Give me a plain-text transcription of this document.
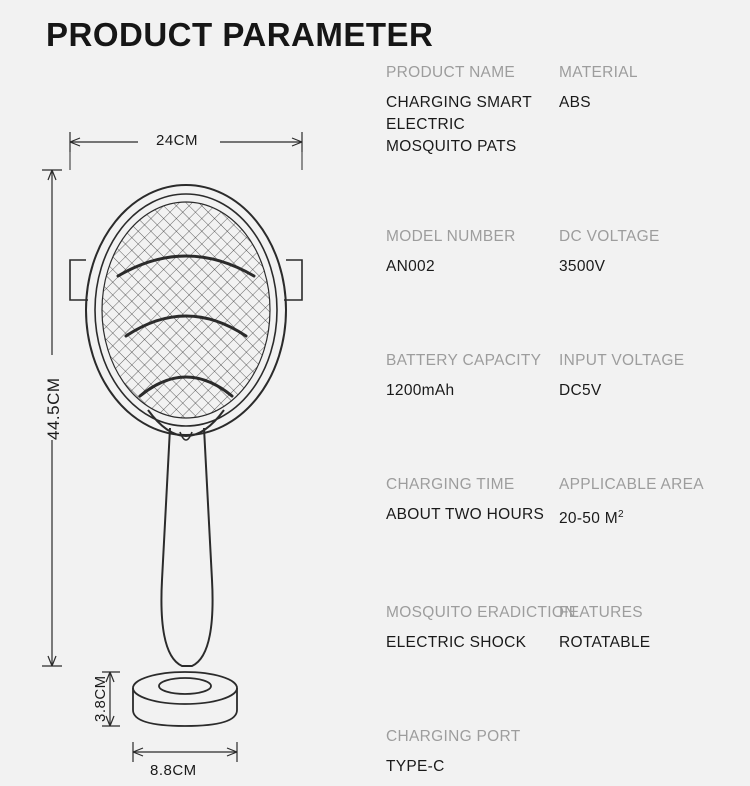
PRODUCT PARAMETER
24CM
44.5CM
3.8CM
8.8CM
PRODUCT NAME
CHARGING SMART ELECTRIC MOSQUITO PATS
MATERIAL
ABS
MODEL NUMBER
AN002
DC VOLTAGE
3500V
BATTERY CAPACITY
1200mAh
INPUT VOLTAGE
DC5V
CHARGING TIME
ABOUT TWO HOURS
APPLICABLE AREA
20-50 $M^2$
MOSQUITO ERADICTION
ELECTRIC SHOCK
FEATURES
ROTATABLE
CHARGING PORT
TYPE-C
